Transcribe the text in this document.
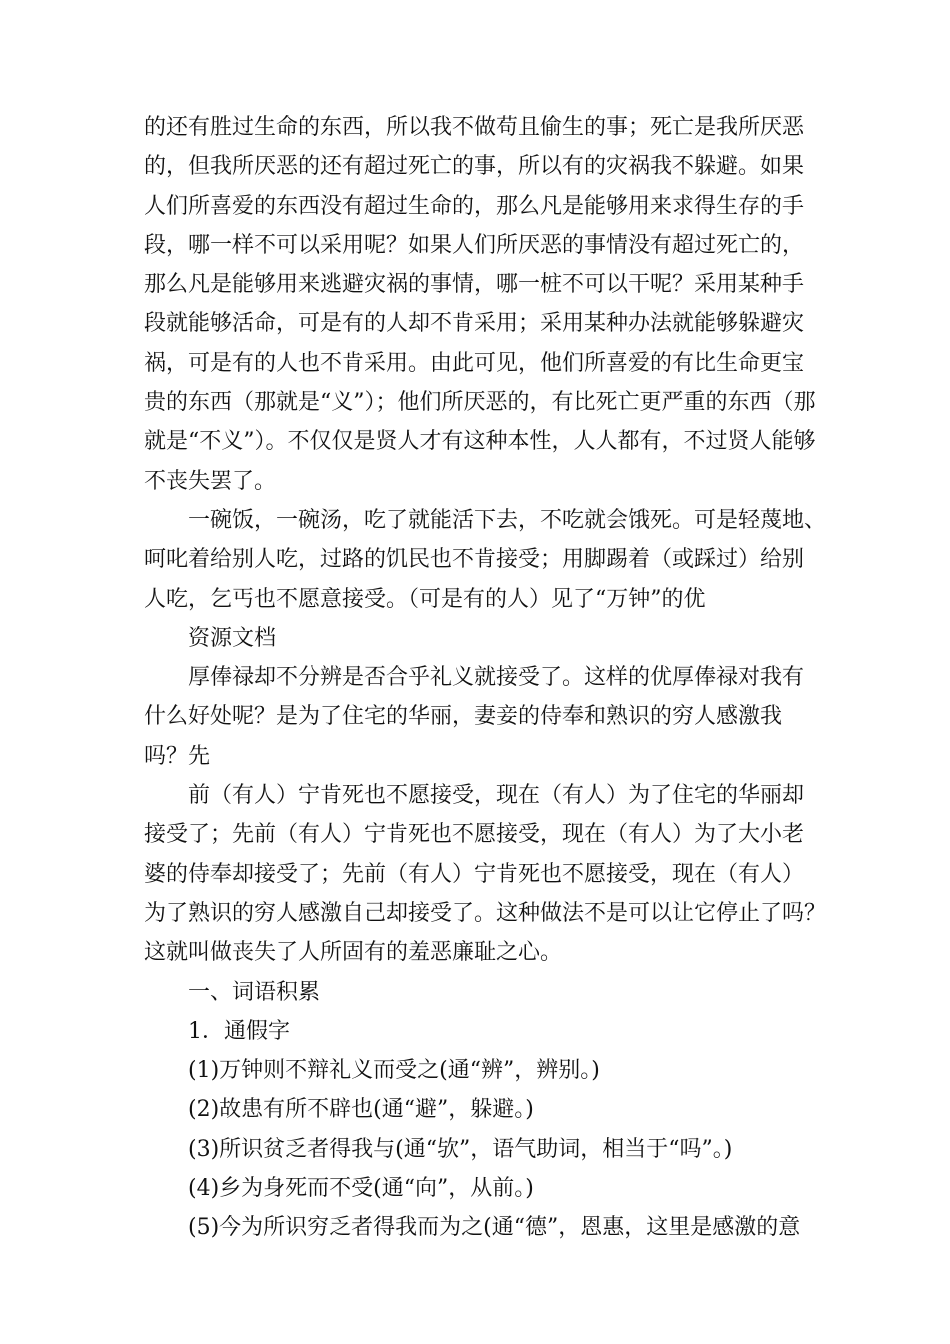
的还有胜过生命的东西，所以我不做苟且偷生的事；死亡是我所厌恶
的，但我所厌恶的还有超过死亡的事，所以有的灾祸我不躲避。如果
人们所喜爱的东西没有超过生命的，那么凡是能够用来求得生存的手
段，哪一样不可以采用呢？如果人们所厌恶的事情没有超过死亡的，
那么凡是能够用来逃避灾祸的事情，哪一桩不可以干呢？采用某种手
段就能够活命，可是有的人却不肯采用；采用某种办法就能够躲避灾
祸，可是有的人也不肯采用。由此可见，他们所喜爱的有比生命更宝
贵的东西（那就是“义”）；他们所厌恶的，有比死亡更严重的东西（那
就是“不义”）。不仅仅是贤人才有这种本性，人人都有，不过贤人能够
不丧失罢了。

一碗饭，一碗汤，吃了就能活下去，不吃就会饿死。可是轻蔑地、
呵叱着给别人吃，过路的饥民也不肯接受；用脚踢着（或踩过）给别
人吃，乞丐也不愿意接受。（可是有的人）见了“万钟”的优

资源文档

厚俸禄却不分辨是否合乎礼义就接受了。这样的优厚俸禄对我有
什么好处呢？是为了住宅的华丽，妻妾的侍奉和熟识的穷人感激我
吗？先

前（有人）宁肯死也不愿接受，现在（有人）为了住宅的华丽却
接受了；先前（有人）宁肯死也不愿接受，现在（有人）为了大小老
婆的侍奉却接受了；先前（有人）宁肯死也不愿接受，现在（有人）
为了熟识的穷人感激自己却接受了。这种做法不是可以让它停止了吗？
这就叫做丧失了人所固有的羞恶廉耻之心。

一、词语积累

1．通假字

(1)万钟则不辩礼义而受之(通“辨”，辨别。)
(2)故患有所不辟也(通“避”，躲避。)
(3)所识贫乏者得我与(通“欤”，语气助词，相当于“吗”。)
(4)乡为身死而不受(通“向”，从前。)
(5)今为所识穷乏者得我而为之(通“德”，恩惠，这里是感激的意
